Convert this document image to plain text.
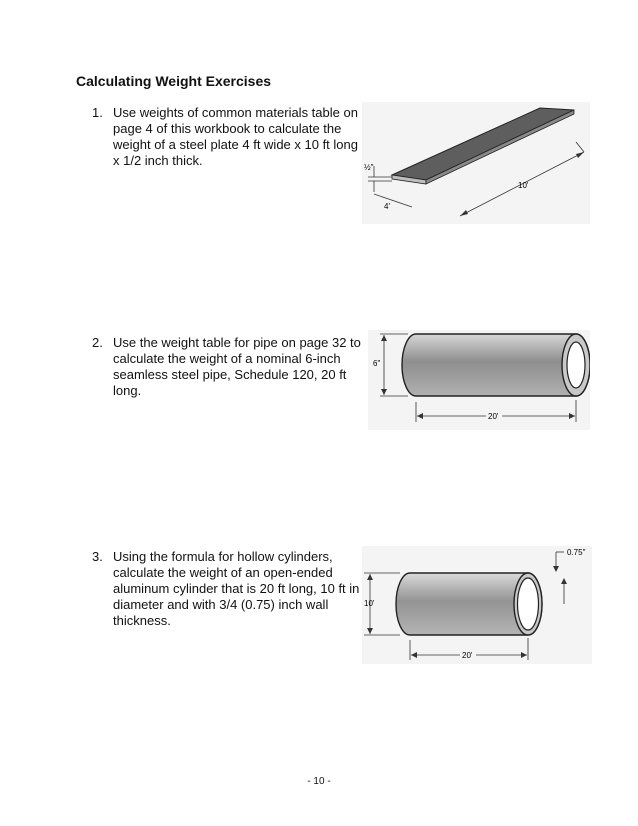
Calculating Weight Exercises
1. Use weights of common materials table on
page 4 of this workbook to calculate the
weight of a steel plate 4 ft wide x 10 ft long
x 1/2 inch thick.	½"
4'
10'
2. Use the weight table for pipe on page 32 to
calculate the weight of a nominal 6-inch
seamless steel pipe, Schedule 120, 20 ft
long.
6"
20'
3. Using the formula for hollow cylinders,
calculate the weight of an open-ended
aluminum cylinder that is 20 ft long, 10 ft in
diameter and with 3/4 (0.75) inch wall
thickness.
0.75"
10'
20'
- 10 -
